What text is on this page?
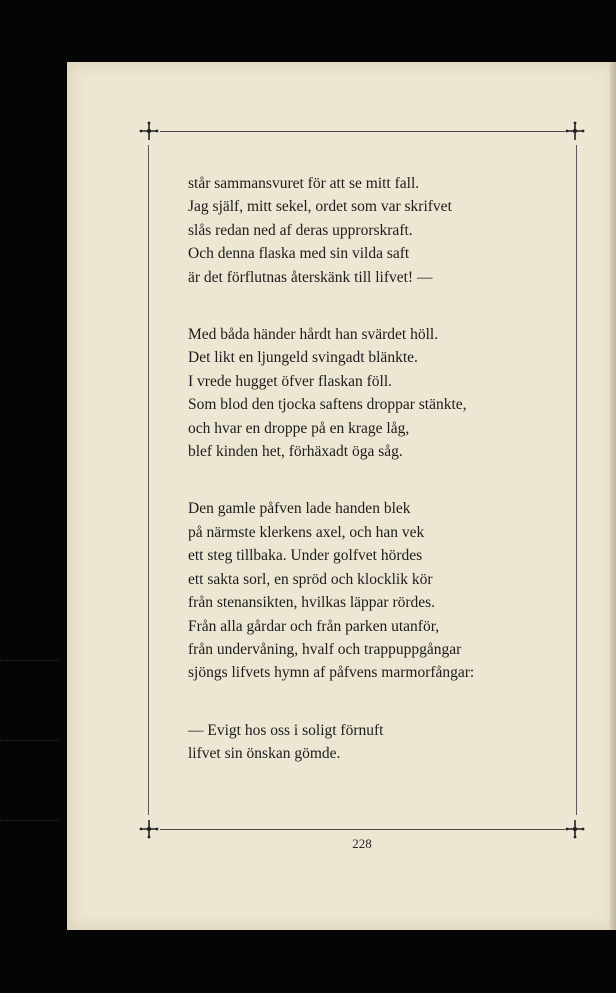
står sammansvuret för att se mitt fall.
Jag själf, mitt sekel, ordet som var skrifvet
slås redan ned af deras upprorskraft.
Och denna flaska med sin vilda saft
är det förflutnas återskänk till lifvet! —
Med båda händer hårdt han svärdet höll.
Det likt en ljungeld svingadt blänkte.
I vrede hugget öfver flaskan föll.
Som blod den tjocka saftens droppar stänkte,
och hvar en droppe på en krage låg,
blef kinden het, förhäxadt öga såg.
Den gamle påfven lade handen blek
på närmste klerkens axel, och han vek
ett steg tillbaka. Under golfvet hördes
ett sakta sorl, en spröd och klocklik kör
från stenansikten, hvilkas läppar rördes.
Från alla gårdar och från parken utanför,
från undervåning, hvalf och trappuppgångar
sjöngs lifvets hymn af påfvens marmorfångar:
— Evigt hos oss i soligt förnuft
lifvet sin önskan gömde.
228
